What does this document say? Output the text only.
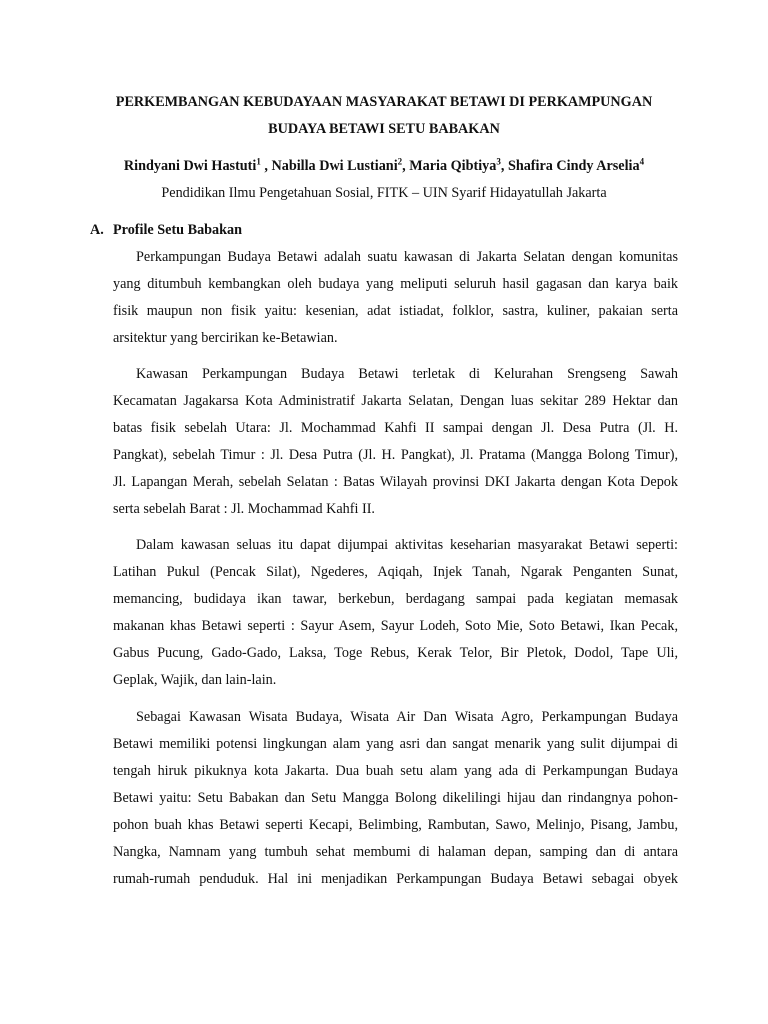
PERKEMBANGAN KEBUDAYAAN MASYARAKAT BETAWI DI PERKAMPUNGAN
BUDAYA BETAWI SETU BABAKAN
Rindyani Dwi Hastuti$^1$ , Nabilla Dwi Lustiani$^2$, Maria Qibtiya$^3$, Shafira Cindy Arselia$^4$
Pendidikan Ilmu Pengetahuan Sosial, FITK – UIN Syarif Hidayatullah Jakarta
A. Profile Setu Babakan
Perkampungan Budaya Betawi adalah suatu kawasan di Jakarta Selatan dengan komunitas
yang ditumbuh kembangkan oleh budaya yang meliputi seluruh hasil gagasan dan karya baik
fisik maupun non fisik yaitu: kesenian, adat istiadat, folklor, sastra, kuliner, pakaian serta
arsitektur yang bercirikan ke-Betawian.
Kawasan Perkampungan Budaya Betawi terletak di Kelurahan Srengseng Sawah
Kecamatan Jagakarsa Kota Administratif Jakarta Selatan, Dengan luas sekitar 289 Hektar dan
batas fisik sebelah Utara: Jl. Mochammad Kahfi II sampai dengan Jl. Desa Putra (Jl. H.
Pangkat), sebelah Timur : Jl. Desa Putra (Jl. H. Pangkat), Jl. Pratama (Mangga Bolong Timur),
Jl. Lapangan Merah, sebelah Selatan : Batas Wilayah provinsi DKI Jakarta dengan Kota Depok
serta sebelah Barat : Jl. Mochammad Kahfi II.
Dalam kawasan seluas itu dapat dijumpai aktivitas keseharian masyarakat Betawi seperti:
Latihan Pukul (Pencak Silat), Ngederes, Aqiqah, Injek Tanah, Ngarak Penganten Sunat,
memancing, budidaya ikan tawar, berkebun, berdagang sampai pada kegiatan memasak
makanan khas Betawi seperti : Sayur Asem, Sayur Lodeh, Soto Mie, Soto Betawi, Ikan Pecak,
Gabus Pucung, Gado-Gado, Laksa, Toge Rebus, Kerak Telor, Bir Pletok, Dodol, Tape Uli,
Geplak, Wajik, dan lain-lain.
Sebagai Kawasan Wisata Budaya, Wisata Air Dan Wisata Agro, Perkampungan Budaya
Betawi memiliki potensi lingkungan alam yang asri dan sangat menarik yang sulit dijumpai di
tengah hiruk pikuknya kota Jakarta. Dua buah setu alam yang ada di Perkampungan Budaya
Betawi yaitu: Setu Babakan dan Setu Mangga Bolong dikelilingi hijau dan rindangnya pohon-
pohon buah khas Betawi seperti Kecapi, Belimbing, Rambutan, Sawo, Melinjo, Pisang, Jambu,
Nangka, Namnam yang tumbuh sehat membumi di halaman depan, samping dan di antara
rumah-rumah penduduk. Hal ini menjadikan Perkampungan Budaya Betawi sebagai obyek
